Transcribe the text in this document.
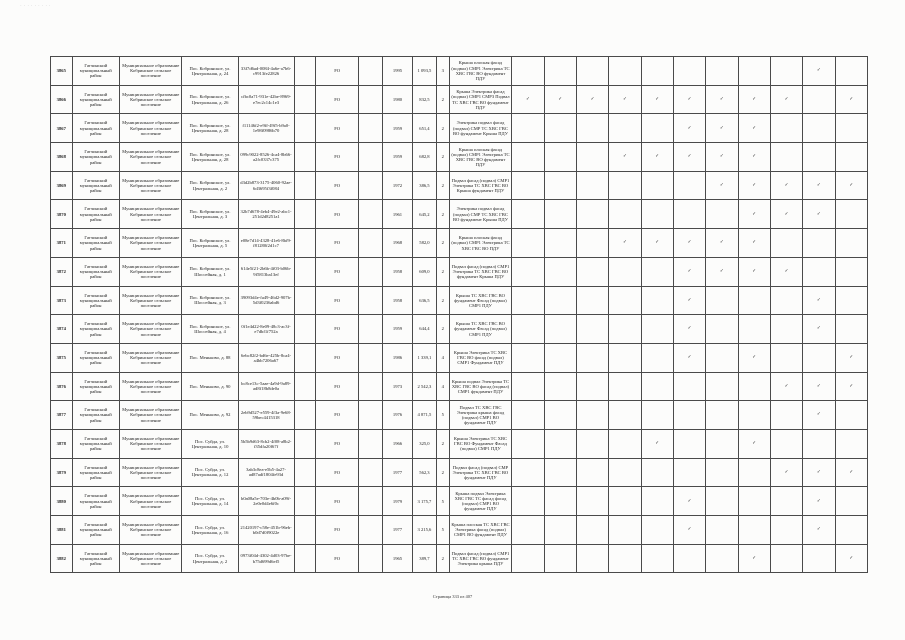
· · · · · · · · ·
3865	Гатчинский муниципальный район	Муниципальное образование Кобринское сельское поселение	Пос. Кобринское, ул. Центральная, д. 24	33f7d6ad-0084-4a6e-a7b6-c9913fe22826		FO		1995	1 093,5	3	Крыша плоская фасад (подвал) СМР1 Электрика ТС ХВС ГВС ВО фундамент ПДУ										✓	
3866	Гатчинский муниципальный район	Муниципальное образование Кобринское сельское поселение	Пос. Кобринское, ул. Центральная, д. 26	cfbc0a71-931e-42be-8969-e7ec2c14c1e3		FO		1980	832,5	2	Крыша Электрика фасад (подвал) СМР1 СМР3 Подвал ТС ХВС ГВС ВО фундамент ПДУ	✓	✓	✓	✓	✓	✓	✓	✓	✓		✓
3867	Гатчинский муниципальный район	Муниципальное образование Кобринское сельское поселение	Пос. Кобринское, ул. Центральная, д. 28	f11146f2-e9ff-49f5-b9a0-1e98f0986b70		FO		1959	651,4	2	Электрика подвал фасад (подвал) СМР ТС ХВС ГВС ВО фундамент Крыша ПДУ						✓	✓	✓			
3868	Гатчинский муниципальный район	Муниципальное образование Кобринское сельское поселение	Пос. Кобринское, ул. Центральная, д. 28	099c9022-8526-4ca4-8b66-a2fc0337c375		FO		1959	682,8	2	Крыша плоская фасад (подвал) СМР1 Электрика ТС ХВС ГВС ВО фундамент ПДУ				✓	✓	✓	✓	✓			
3869	Гатчинский муниципальный район	Муниципальное образование Кобринское сельское поселение	Пос. Кобринское, ул. Центральная, д. 2	d3d2b873-3175-4060-92ae-6d3695f3f084		FO		1972	386,5	2	Подвал фасад (подвал) СМР1 Электрика ТС ХВС ГВС ВО Крыша фундамент ПДУ							✓	✓	✓	✓	✓
3870	Гатчинский муниципальный район	Муниципальное образование Кобринское сельское поселение	Пос. Кобринское, ул. Центральная, д. 3	32b7d678-4eb4-49e2-abc1-251d2d8251a1		FO		1961	645,2	2	Электрика подвал фасад (подвал) СМР ТС ХВС ГВС ВО фундамент Крыша ПДУ								✓	✓	✓	
3871	Гатчинский муниципальный район	Муниципальное образование Кобринское сельское поселение	Пос. Кобринское, ул. Центральная, д. 5	e08e7d14-4328-41e6-8bf9-f81280f2d1c7		FO		1968	582,0	2	Крыша плоская фасад (подвал) СМР1 Электрика ТС ХВС ГВС ВО ПДУ				✓	✓	✓	✓	✓			
3872	Гатчинский муниципальный район	Муниципальное образование Кобринское сельское поселение	Пос. Кобринское, ул. Шоссейная, д. 1	614e5f21-2b6b-4f03-b06b-9f5813ba13ef		FO		1958	609,0	2	Подвал фасад (подвал) СМР1 Электрика ТС ХВС ГВС ВО фундамент Крыша ПДУ						✓	✓	✓	✓		
3873	Гатчинский муниципальный район	Муниципальное образование Кобринское сельское поселение	Пос. Кобринское, ул. Шоссейная, д. 3	39093d4e-fa49-46d2-907b-5d3f0236abd6		FO		1958	636,5	2	Крыша ТС ХВС ГВС ВО фундамент Фасад (подвал) СМР1 ПДУ						✓				✓	
3874	Гатчинский муниципальный район	Муниципальное образование Кобринское сельское поселение	Пос. Кобринское, ул. Шоссейная, д. 4	0f1e4d22-8e09-48c3-ac3f-e7dbf1f752a		FO		1959	644,4	2	Крыша ТС ХВС ГВС ВО фундамент Фасад (подвал) СМР1 ПДУ						✓				✓	
3875	Гатчинский муниципальный район	Муниципальное образование Кобринское сельское поселение	Пос. Меньково, д. 88	6ebc82f2-bd6e-425b-8ca4-a4bb7206a67		FO		1986	1 339,1	4	Крыша Электрика ТС ХВС ГВС ВО фасад (подвал) СМР1 Фундамент ПДУ						✓		✓			✓
3876	Гатчинский муниципальный район	Муниципальное образование Кобринское сельское поселение	Пос. Меньково, д. 90	bc8ce13c-5aae-4a9d-9a89-ad8f18b8de0a		FO		1973	2 542,3	4	Крыша подвал Электрика ТС ХВС ГВС ВО фасад (подвал) СМР1 фундамент ПДУ									✓	✓	✓
3877	Гатчинский муниципальный район	Муниципальное образование Кобринское сельское поселение	Пос. Меньково, д. 92	2eb9d527-e559-4f3a-9e68-59bec4415318		FO		1976	4 871,5	5	Подвал ТС ХВС ГВС Электрика крыша фасад (подвал) СМР1 ВО фундамент ПДУ										✓	
3878	Гатчинский муниципальный район	Муниципальное образование Кобринское сельское поселение	Пос. Суйда, ул. Центральная, д. 10	5b5b9d63-8cb2-4f08-a8b2-f35dfa20f67f		FO		1966	325,0	2	Крыша Электрика ТС ХВС ГВС ВО Фундамент Фасад (подвал) СМР1 ПДУ					✓			✓			
3879	Гатчинский муниципальный район	Муниципальное образование Кобринское сельское поселение	Пос. Суйда, ул. Центральная, д. 12	3ab3c8ea-e5b5-4a27-ad87adf1804fe93d		FO		1977	562,3	2	Подвал фасад (подвал) СМР Электрика ТС ХВС ГВС ВО фундамент ПДУ									✓	✓	✓
3880	Гатчинский муниципальный район	Муниципальное образование Кобринское сельское поселение	Пос. Суйда, ул. Центральная, д. 14	b0a08a5e-703e-4b0b-a09f-2e0e0d4e6f0c		FO		1979	3 175,7	5	Крыша подвал Электрика ХВС ГВС ТС фасад фасад (подвал) СМР1 ВО фундамент ПДУ						✓				✓	
3881	Гатчинский муниципальный район	Муниципальное образование Кобринское сельское поселение	Пос. Суйда, ул. Центральная, д. 16	21420197-c58e-451b-96eb-b0d7d0f9022e		FO		1977	3 215,6	5	Крыша плоская ТС ХВС ГВС Электрика фасад (подвал) СМР1 ВО фундамент ПДУ						✓				✓	
3882	Гатчинский муниципальный район	Муниципальное образование Кобринское сельское поселение	Пос. Суйда, ул. Центральная, д. 2	0973f04d-4302-4d03-97be-b75d699d6ef5		FO		1965	389,7	2	Подвал фасад (подвал) СМР1 ТС ХВС ГВС ВО фундамент Электрика крыша ПДУ								✓			✓
Страница 333 из 407
